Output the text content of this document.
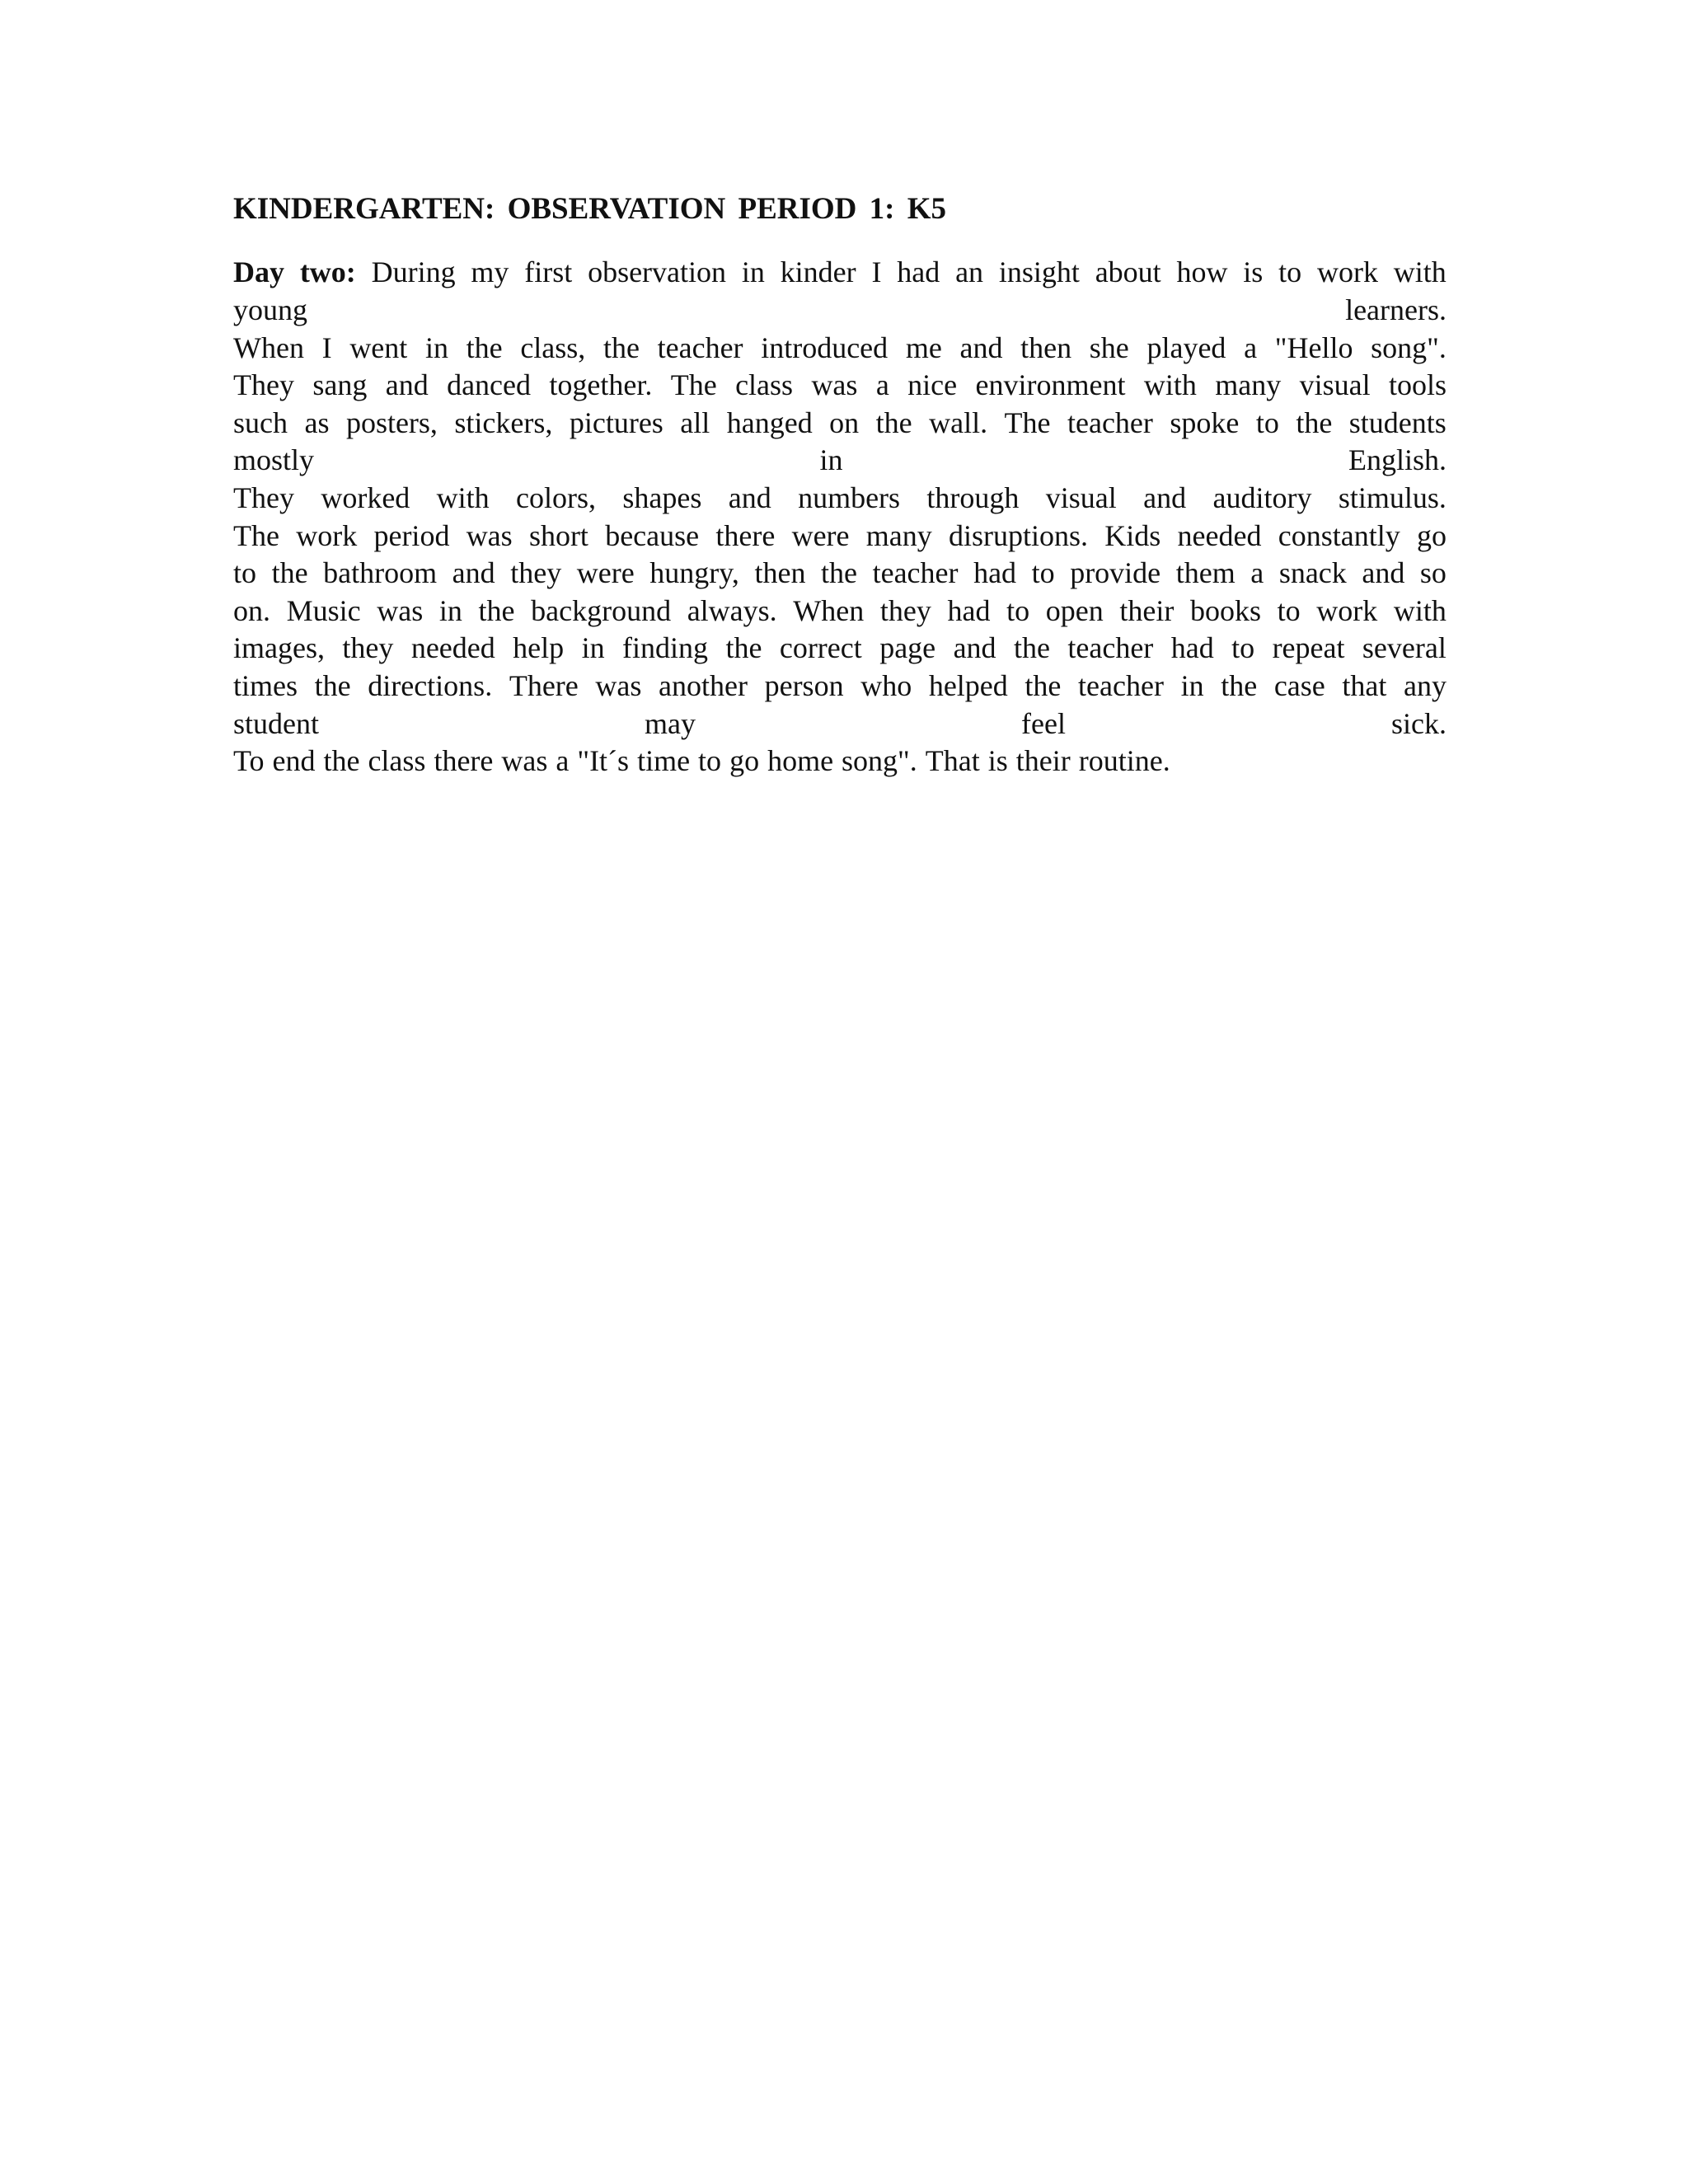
KINDERGARTEN: OBSERVATION PERIOD 1: K5
Day two: During my first observation in kinder I had an insight about how is to work with
young	learners.
When I went in the class, the teacher introduced me and then she played a "Hello song".
They sang and danced together. The class was a nice environment with many visual tools
such as posters, stickers, pictures all hanged on the wall. The teacher spoke to the students
mostly	in	English.
They worked with colors, shapes and numbers through visual and auditory stimulus.
The work period was short because there were many disruptions. Kids needed constantly go
to the bathroom and they were hungry, then the teacher had to provide them a snack and so
on. Music was in the background always. When they had to open their books to work with
images, they needed help in finding the correct page and the teacher had to repeat several
times the directions. There was another person who helped the teacher in the case that any
student	may	feel	sick.
To end the class there was a "It´s time to go home song". That is their routine.
